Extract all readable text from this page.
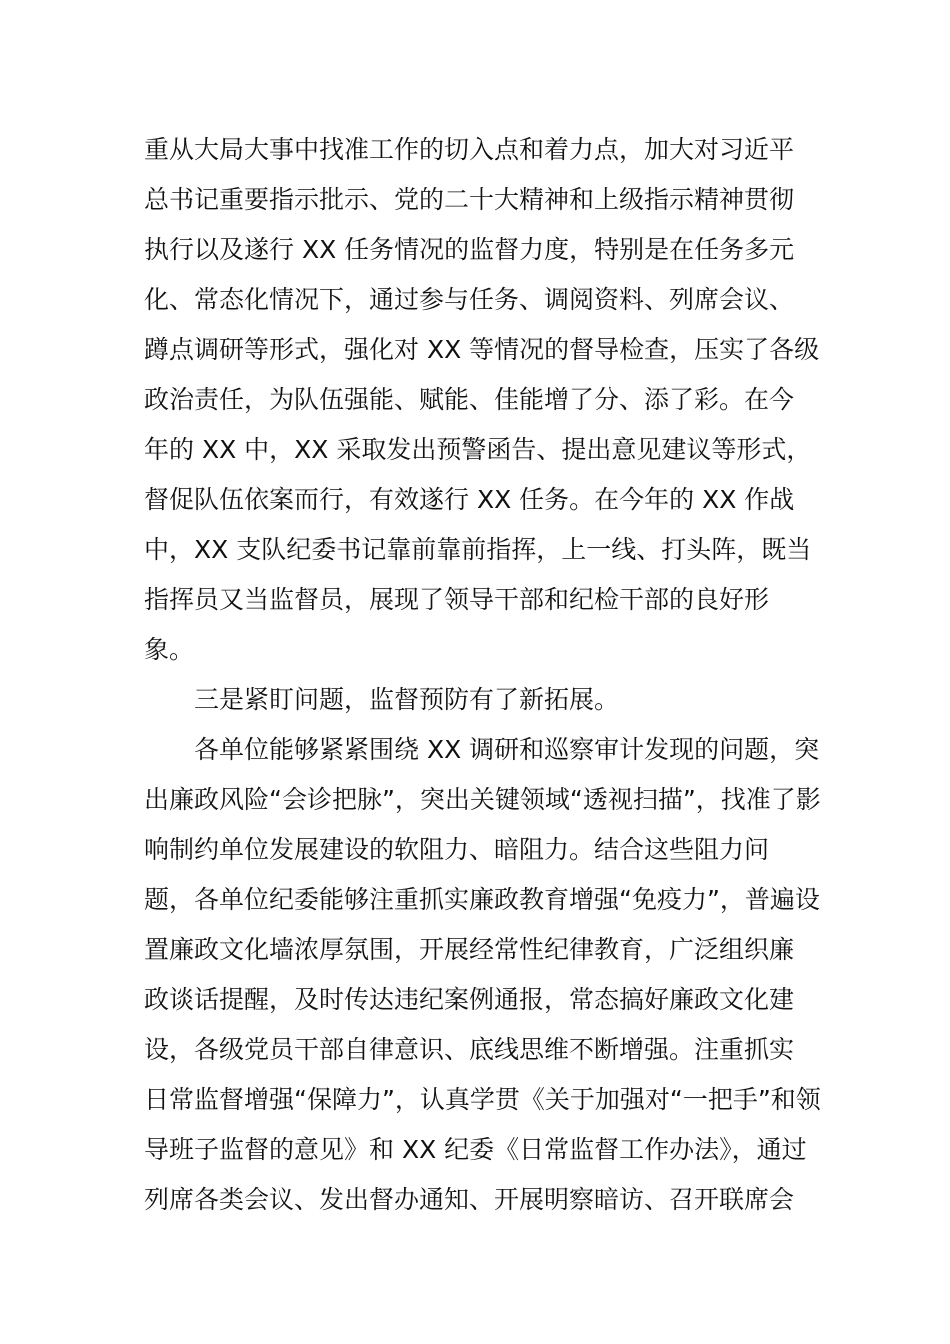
重从大局大事中找准工作的切入点和着力点，加大对习近平
总书记重要指示批示、党的二十大精神和上级指示精神贯彻
执行以及遂行 XX 任务情况的监督力度，特别是在任务多元
化、常态化情况下，通过参与任务、调阅资料、列席会议、
蹲点调研等形式，强化对 XX 等情况的督导检查，压实了各级
政治责任，为队伍强能、赋能、佳能增了分、添了彩。在今
年的 XX 中，XX 采取发出预警函告、提出意见建议等形式，
督促队伍依案而行，有效遂行 XX 任务。在今年的 XX 作战
中，XX 支队纪委书记靠前靠前指挥，上一线、打头阵，既当
指挥员又当监督员，展现了领导干部和纪检干部的良好形
象。
三是紧盯问题，监督预防有了新拓展。
各单位能够紧紧围绕 XX 调研和巡察审计发现的问题，突
出廉政风险“会诊把脉”，突出关键领域“透视扫描”，找准了影
响制约单位发展建设的软阻力、暗阻力。结合这些阻力问
题，各单位纪委能够注重抓实廉政教育增强“免疫力”，普遍设
置廉政文化墙浓厚氛围，开展经常性纪律教育，广泛组织廉
政谈话提醒，及时传达违纪案例通报，常态搞好廉政文化建
设，各级党员干部自律意识、底线思维不断增强。注重抓实
日常监督增强“保障力”，认真学贯《关于加强对“一把手”和领
导班子监督的意见》和 XX 纪委《日常监督工作办法》，通过
列席各类会议、发出督办通知、开展明察暗访、召开联席会
